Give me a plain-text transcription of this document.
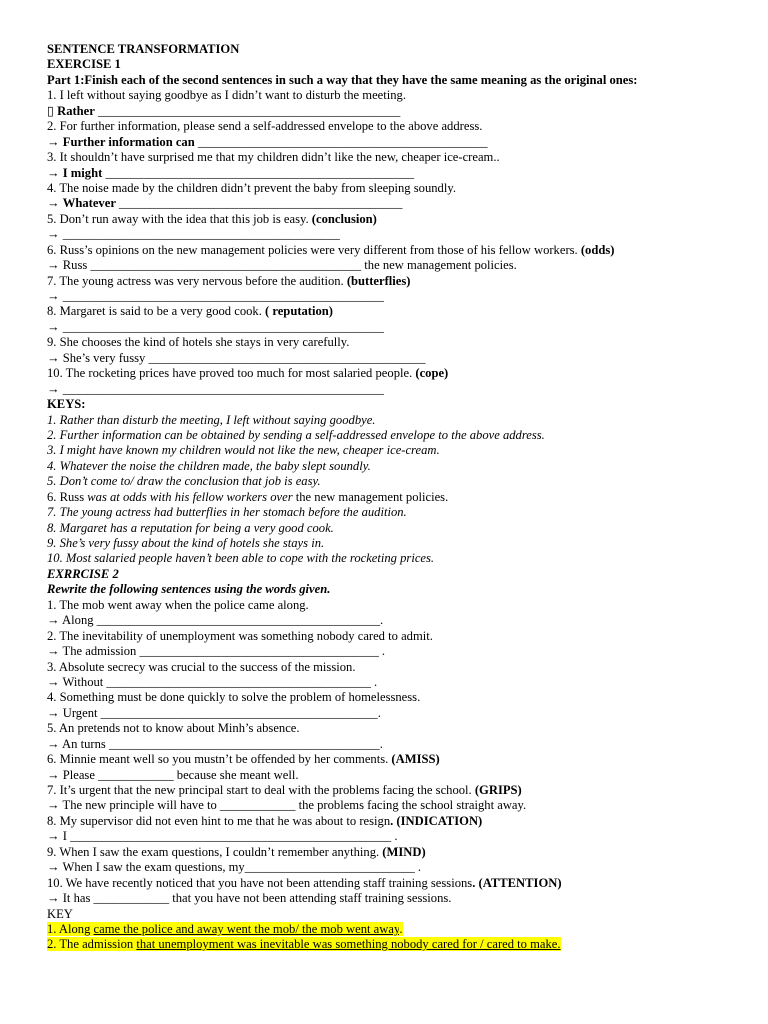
SENTENCE TRANSFORMATION
EXERCISE 1
Part 1:Finish each of the second sentences in such a way that they have the same meaning as the original ones:
1. I left without saying goodbye as I didn’t want to disturb the meeting.
▯ Rather ________________________________________________
2. For further information, please send a self-addressed envelope to the above address.
→ Further information can ______________________________________________
3. It shouldn’t have surprised me that my children didn’t like the new, cheaper ice-cream..
→ I might _________________________________________________
4. The noise made by the children didn’t prevent the baby from sleeping soundly.
→ Whatever _____________________________________________
5. Don’t run away with the idea that this job is easy. (conclusion)
→ ____________________________________________
6. Russ’s opinions on the new management policies were very different from those of his fellow workers. (odds)
→ Russ ___________________________________________ the new management policies.
7. The young actress was very nervous before the audition. (butterflies)
→ ___________________________________________________
8. Margaret is said to be a very good cook. ( reputation)
→ ___________________________________________________
9. She chooses the kind of hotels she stays in very carefully.
→ She’s very fussy ____________________________________________
10. The rocketing prices have proved too much for most salaried people. (cope)
→ ___________________________________________________
KEYS:
1. Rather than disturb the meeting, I left without saying goodbye.
2. Further information can be obtained by sending a self-addressed envelope to the above address.
3. I might have known my children would not like the new, cheaper ice-cream.
4. Whatever the noise the children made, the baby slept soundly.
5. Don’t come to/ draw the conclusion that job is easy.
6. Russ was at odds with his fellow workers over the new management policies.
7. The young actress had butterflies in her stomach before the audition.
8. Margaret has a reputation for being a very good cook.
9. She’s very fussy about the kind of hotels she stays in.
10. Most salaried people haven’t been able to cope with the rocketing prices.
EXRRCISE 2
Rewrite the following sentences using the words given.
1. The mob went away when the police came along.
→ Along _____________________________________________.
2. The inevitability of unemployment was something nobody cared to admit.
→ The admission ______________________________________ .
3. Absolute secrecy was crucial to the success of the mission.
→ Without __________________________________________ .
4. Something must be done quickly to solve the problem of homelessness.
→ Urgent ____________________________________________.
5. An pretends not to know about Minh’s absence.
→ An turns ___________________________________________.
6. Minnie meant well so you mustn’t be offended by her comments. (AMISS)
→ Please ____________ because she meant well.
7. It’s urgent that the new principal start to deal with the problems facing the school. (GRIPS)
→ The new principle will have to ____________ the problems facing the school straight away.
8. My supervisor did not even hint to me that he was about to resign. (INDICATION)
→ I ___________________________________________________ .
9. When I saw the exam questions, I couldn’t remember anything. (MIND)
→ When I saw the exam questions, my___________________________ .
10. We have recently noticed that you have not been attending staff training sessions. (ATTENTION)
→ It has ____________ that you have not been attending staff training sessions.
KEY
1. Along came the police and away went the mob/ the mob went away.
2. The admission that unemployment was inevitable was something nobody cared for / cared to make.
